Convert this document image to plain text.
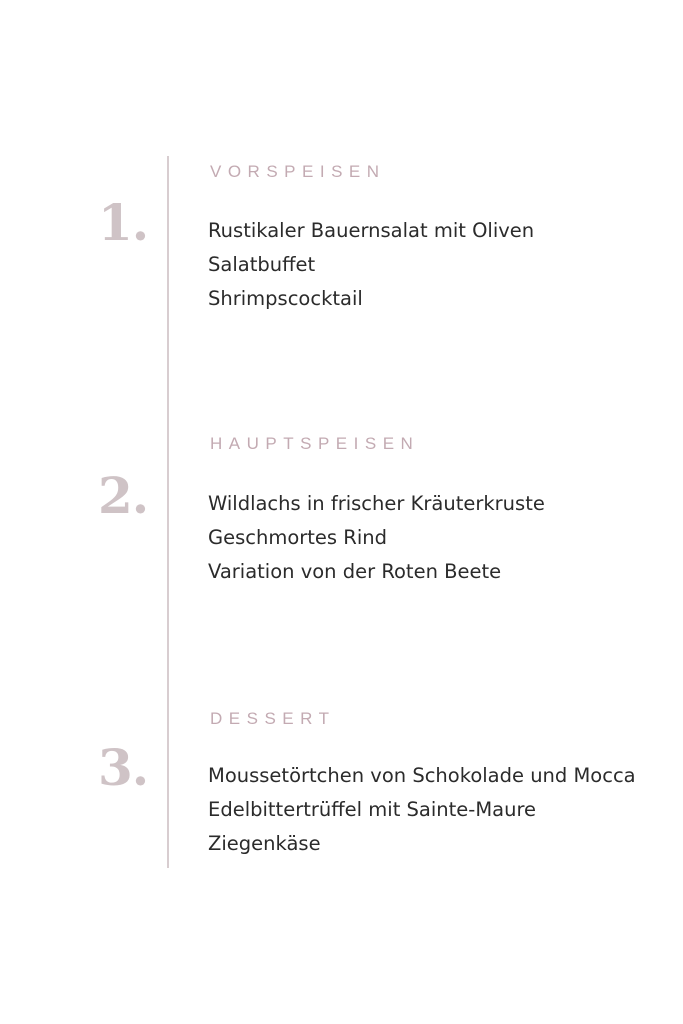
VORSPEISEN
1.	Rustikaler Bauernsalat mit Oliven
Salatbuffet
Shrimpscocktail
HAUPTSPEISEN
2.	Wildlachs in frischer Kräuterkruste
Geschmortes Rind
Variation von der Roten Beete
DESSERT
3.	Moussetörtchen von Schokolade und Mocca
Edelbittertrüffel mit Sainte-Maure
Ziegenkäse
